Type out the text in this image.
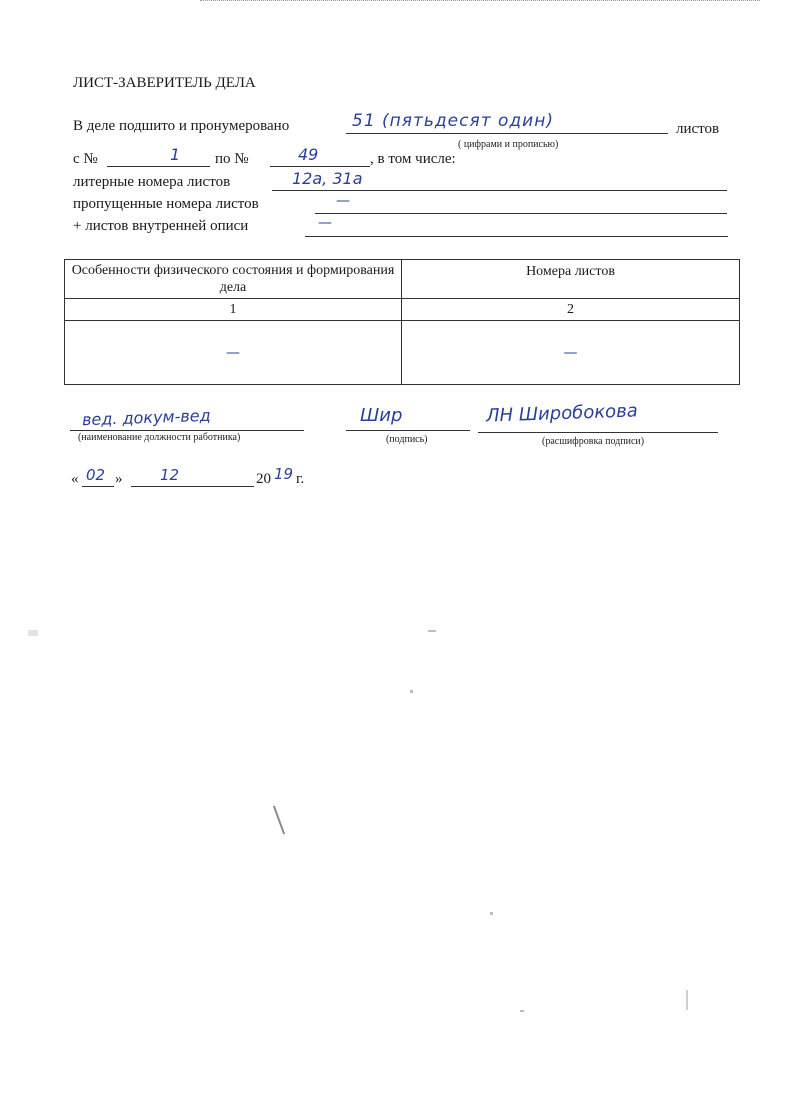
ЛИСТ-ЗАВЕРИТЕЛЬ ДЕЛА
В деле подшито и пронумеровано	51 (пятьдесят один)	листов
( цифрами и прописью)
с №	1 по №	49	, в том числе:
литерные номера листов	12а, 31а
пропущенные номера листов	—
+ листов внутренней описи	—
Особенности физического состояния и формирования дела	Номера листов
1	2
—	—
вед. докум-вед
(наименование должности работника)
Шир
(подпись)
ЛН Широбокова
(расшифровка подписи)
« 02 »	12	20 19 г.
